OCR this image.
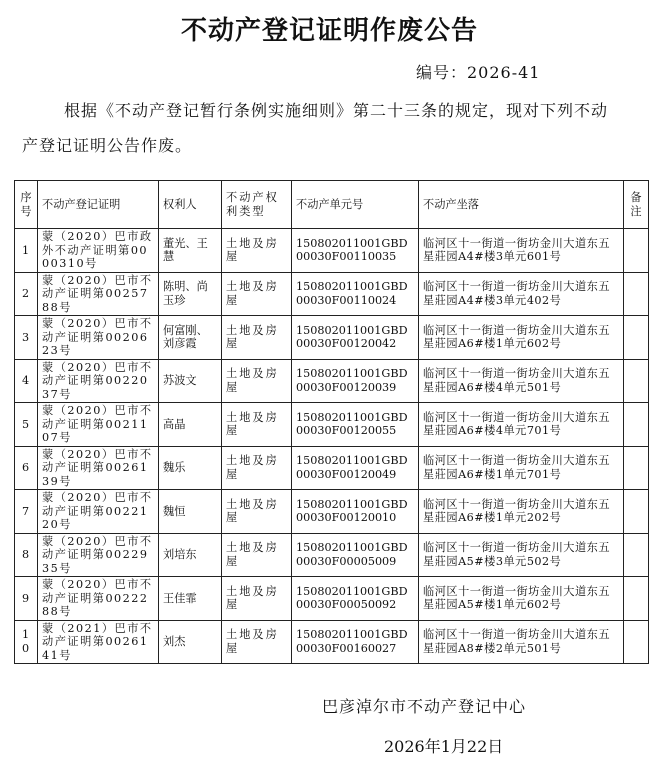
不动产登记证明作废公告
编号：2026-41
根据《不动产登记暂行条例实施细则》第二十三条的规定，现对下列不动产登记证明公告作废。
序号	不动产登记证明	权利人	不动产权利类型	不动产单元号	不动产坐落	备注
1	蒙（2020）巴市政外不动产证明第0000310号	董光、王慧	土地及房屋	150802011001GBD00030F00110035	临河区十一街道一街坊金川大道东五星莊园A4#楼3单元601号	
2	蒙（2020）巴市不动产证明第0025788号	陈明、尚玉珍	土地及房屋	150802011001GBD00030F00110024	临河区十一街道一街坊金川大道东五星莊园A4#楼3单元402号	
3	蒙（2020）巴市不动产证明第0020623号	何富刚、刘彦霞	土地及房屋	150802011001GBD00030F00120042	临河区十一街道一街坊金川大道东五星莊园A6#楼1单元602号	
4	蒙（2020）巴市不动产证明第0022037号	苏波文	土地及房屋	150802011001GBD00030F00120039	临河区十一街道一街坊金川大道东五星莊园A6#楼4单元501号	
5	蒙（2020）巴市不动产证明第0021107号	高晶	土地及房屋	150802011001GBD00030F00120055	临河区十一街道一街坊金川大道东五星莊园A6#楼4单元701号	
6	蒙（2020）巴市不动产证明第0026139号	魏乐	土地及房屋	150802011001GBD00030F00120049	临河区十一街道一街坊金川大道东五星莊园A6#楼1单元701号	
7	蒙（2020）巴市不动产证明第0022120号	魏恒	土地及房屋	150802011001GBD00030F00120010	临河区十一街道一街坊金川大道东五星莊园A6#楼1单元202号	
8	蒙（2020）巴市不动产证明第0022935号	刘培东	土地及房屋	150802011001GBD00030F00005009	临河区十一街道一街坊金川大道东五星莊园A5#楼3单元502号	
9	蒙（2020）巴市不动产证明第0022288号	王佳霏	土地及房屋	150802011001GBD00030F00050092	临河区十一街道一街坊金川大道东五星莊园A5#楼1单元602号	
10	蒙（2021）巴市不动产证明第0026141号	刘杰	土地及房屋	150802011001GBD00030F00160027	临河区十一街道一街坊金川大道东五星莊园A8#楼2单元501号	
巴彦淖尔市不动产登记中心
2026年1月22日
